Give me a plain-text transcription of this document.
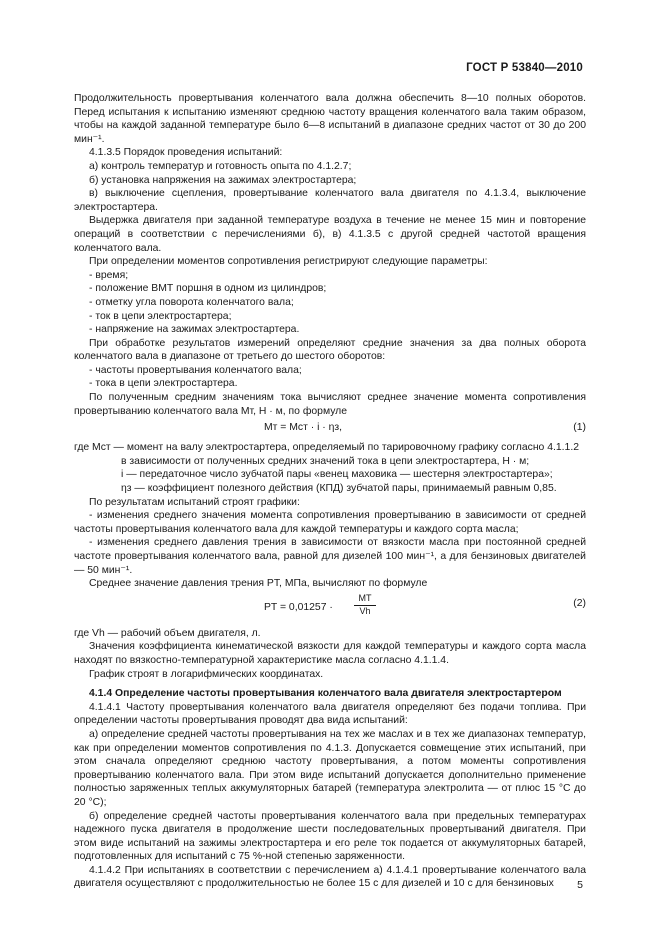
ГОСТ Р 53840—2010

Продолжительность провертывания коленчатого вала должна обеспечить 8—10 полных оборотов. Перед испытания к испытанию изменяют среднюю частоту вращения коленчатого вала таким образом, чтобы на каждой заданной температуре было 6—8 испытаний в диапазоне средних частот от 30 до 200 мин⁻¹.

4.1.3.5 Порядок проведения испытаний:

а) контроль температур и готовность опыта по 4.1.2.7;

б) установка напряжения на зажимах электростартера;

в) выключение сцепления, провертывание коленчатого вала двигателя по 4.1.3.4, выключение электростартера.

Выдержка двигателя при заданной температуре воздуха в течение не менее 15 мин и повторение операций в соответствии с перечислениями б), в) 4.1.3.5 с другой средней частотой вращения коленчатого вала.

При определении моментов сопротивления регистрируют следующие параметры:

- время;

- положение ВМТ поршня в одном из цилиндров;

- отметку угла поворота коленчатого вала;

- ток в цепи электростартера;

- напряжение на зажимах электростартера.

При обработке результатов измерений определяют средние значения за два полных оборота коленчатого вала в диапазоне от третьего до шестого оборотов:

- частоты провертывания коленчатого вала;

- тока в цепи электростартера.

По полученным средним значениям тока вычисляют среднее значение момента сопротивления провертыванию коленчатого вала Mт, Н · м, по формуле

Mт = Mст · i · ηз,	(1)

где Mст — момент на валу электростартера, определяемый по тарировочному графику согласно 4.1.1.2

в зависимости от полученных средних значений тока в цепи электростартера, Н · м;

i — передаточное число зубчатой пары «венец маховика — шестерня электростартера»;

ηз — коэффициент полезного действия (КПД) зубчатой пары, принимаемый равным 0,85.

По результатам испытаний строят графики:

- изменения среднего значения момента сопротивления провертыванию в зависимости от средней частоты провертывания коленчатого вала для каждой температуры и каждого сорта масла;

- изменения среднего давления трения в зависимости от вязкости масла при постоянной средней частоте провертывания коленчатого вала, равной для дизелей 100 мин⁻¹, а для бензиновых двигателей — 50 мин⁻¹.

Среднее значение давления трения PT, МПа, вычисляют по формуле

PT = $0,01257 \cdot \frac{MT}{Vh}$	(2)

где Vh — рабочий объем двигателя, л.

Значения коэффициента кинематической вязкости для каждой температуры и каждого сорта масла находят по вязкостно-температурной характеристике масла согласно 4.1.1.4.

График строят в логарифмических координатах.

4.1.4 Определение частоты провертывания коленчатого вала двигателя электростартером

4.1.4.1 Частоту провертывания коленчатого вала двигателя определяют без подачи топлива. При определении частоты провертывания проводят два вида испытаний:

а) определение средней частоты провертывания на тех же маслах и в тех же диапазонах температур, как при определении моментов сопротивления по 4.1.3. Допускается совмещение этих испытаний, при этом сначала определяют среднюю частоту провертывания, а потом моменты сопротивления провертыванию коленчатого вала. При этом виде испытаний допускается дополнительно применение полностью заряженных теплых аккумуляторных батарей (температура электролита — от плюс 15 °С до 20 °С);

б) определение средней частоты провертывания коленчатого вала при предельных температурах надежного пуска двигателя в продолжение шести последовательных провертываний двигателя. При этом виде испытаний на зажимы электростартера и его реле ток подается от аккумуляторных батарей, подготовленных для испытаний с 75 %-ной степенью заряженности.

4.1.4.2 При испытаниях в соответствии с перечислением а) 4.1.4.1 провертывание коленчатого вала двигателя осуществляют с продолжительностью не более 15 с для дизелей и 10 с для бензиновых	5
